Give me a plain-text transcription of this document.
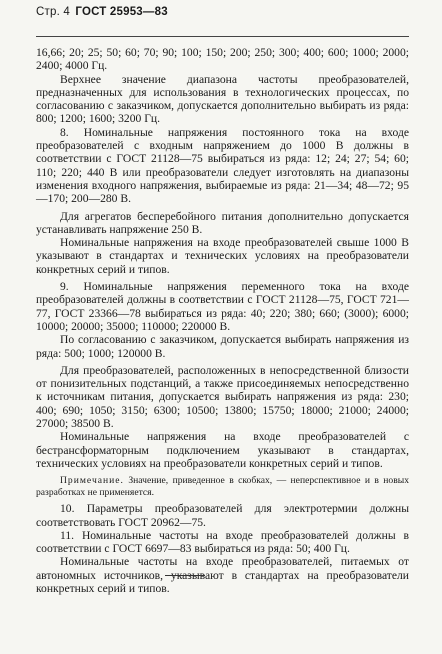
Стр. 4 ГОСТ 25953—83

16,66; 20; 25; 50; 60; 70; 90; 100; 150; 200; 250; 300; 400; 600; 1000; 2000; 2400; 4000 Гц.

Верхнее значение диапазона частоты преобразователей, предназначенных для использования в технологических процессах, по согласованию с заказчиком, допускается дополнительно выбирать из ряда: 800; 1200; 1600; 3200 Гц.

8. Номинальные напряжения постоянного тока на входе преобразователей с входным напряжением до 1000 В должны в соответствии с ГОСТ 21128—75 выбираться из ряда: 12; 24; 27; 54; 60; 110; 220; 440 В или преобразователи следует изготовлять на диапазоны изменения входного напряжения, выбираемые из ряда: 21—34; 48—72; 95—170; 200—280 В.

Для агрегатов бесперебойного питания дополнительно допускается устанавливать напряжение 250 В.

Номинальные напряжения на входе преобразователей свыше 1000 В указывают в стандартах и технических условиях на преобразователи конкретных серий и типов.

9. Номинальные напряжения переменного тока на входе преобразователей должны в соответствии с ГОСТ 21128—75, ГОСТ 721—77, ГОСТ 23366—78 выбираться из ряда: 40; 220; 380; 660; (3000); 6000; 10000; 20000; 35000; 110000; 220000 В.

По согласованию с заказчиком, допускается выбирать напряжения из ряда: 500; 1000; 120000 В.

Для преобразователей, расположенных в непосредственной близости от понизительных подстанций, а также присоединяемых непосредственно к источникам питания, допускается выбирать напряжения из ряда: 230; 400; 690; 1050; 3150; 6300; 10500; 13800; 15750; 18000; 21000; 24000; 27000; 38500 В.

Номинальные напряжения на входе преобразователей с бестрансформаторным подключением указывают в стандартах, технических условиях на преобразователи конкретных серий и типов.

Примечание. Значение, приведенное в скобках, — неперспективное и в новых разработках не применяется.

10. Параметры преобразователей для электротермии должны соответствовать ГОСТ 20962—75.

11. Номинальные частоты на входе преобразователей должны в соответствии с ГОСТ 6697—83 выбираться из ряда: 50; 400 Гц.

Номинальные частоты на входе преобразователей, питаемых от автономных источников, указывают в стандартах на преобразователи конкретных серий и типов.
